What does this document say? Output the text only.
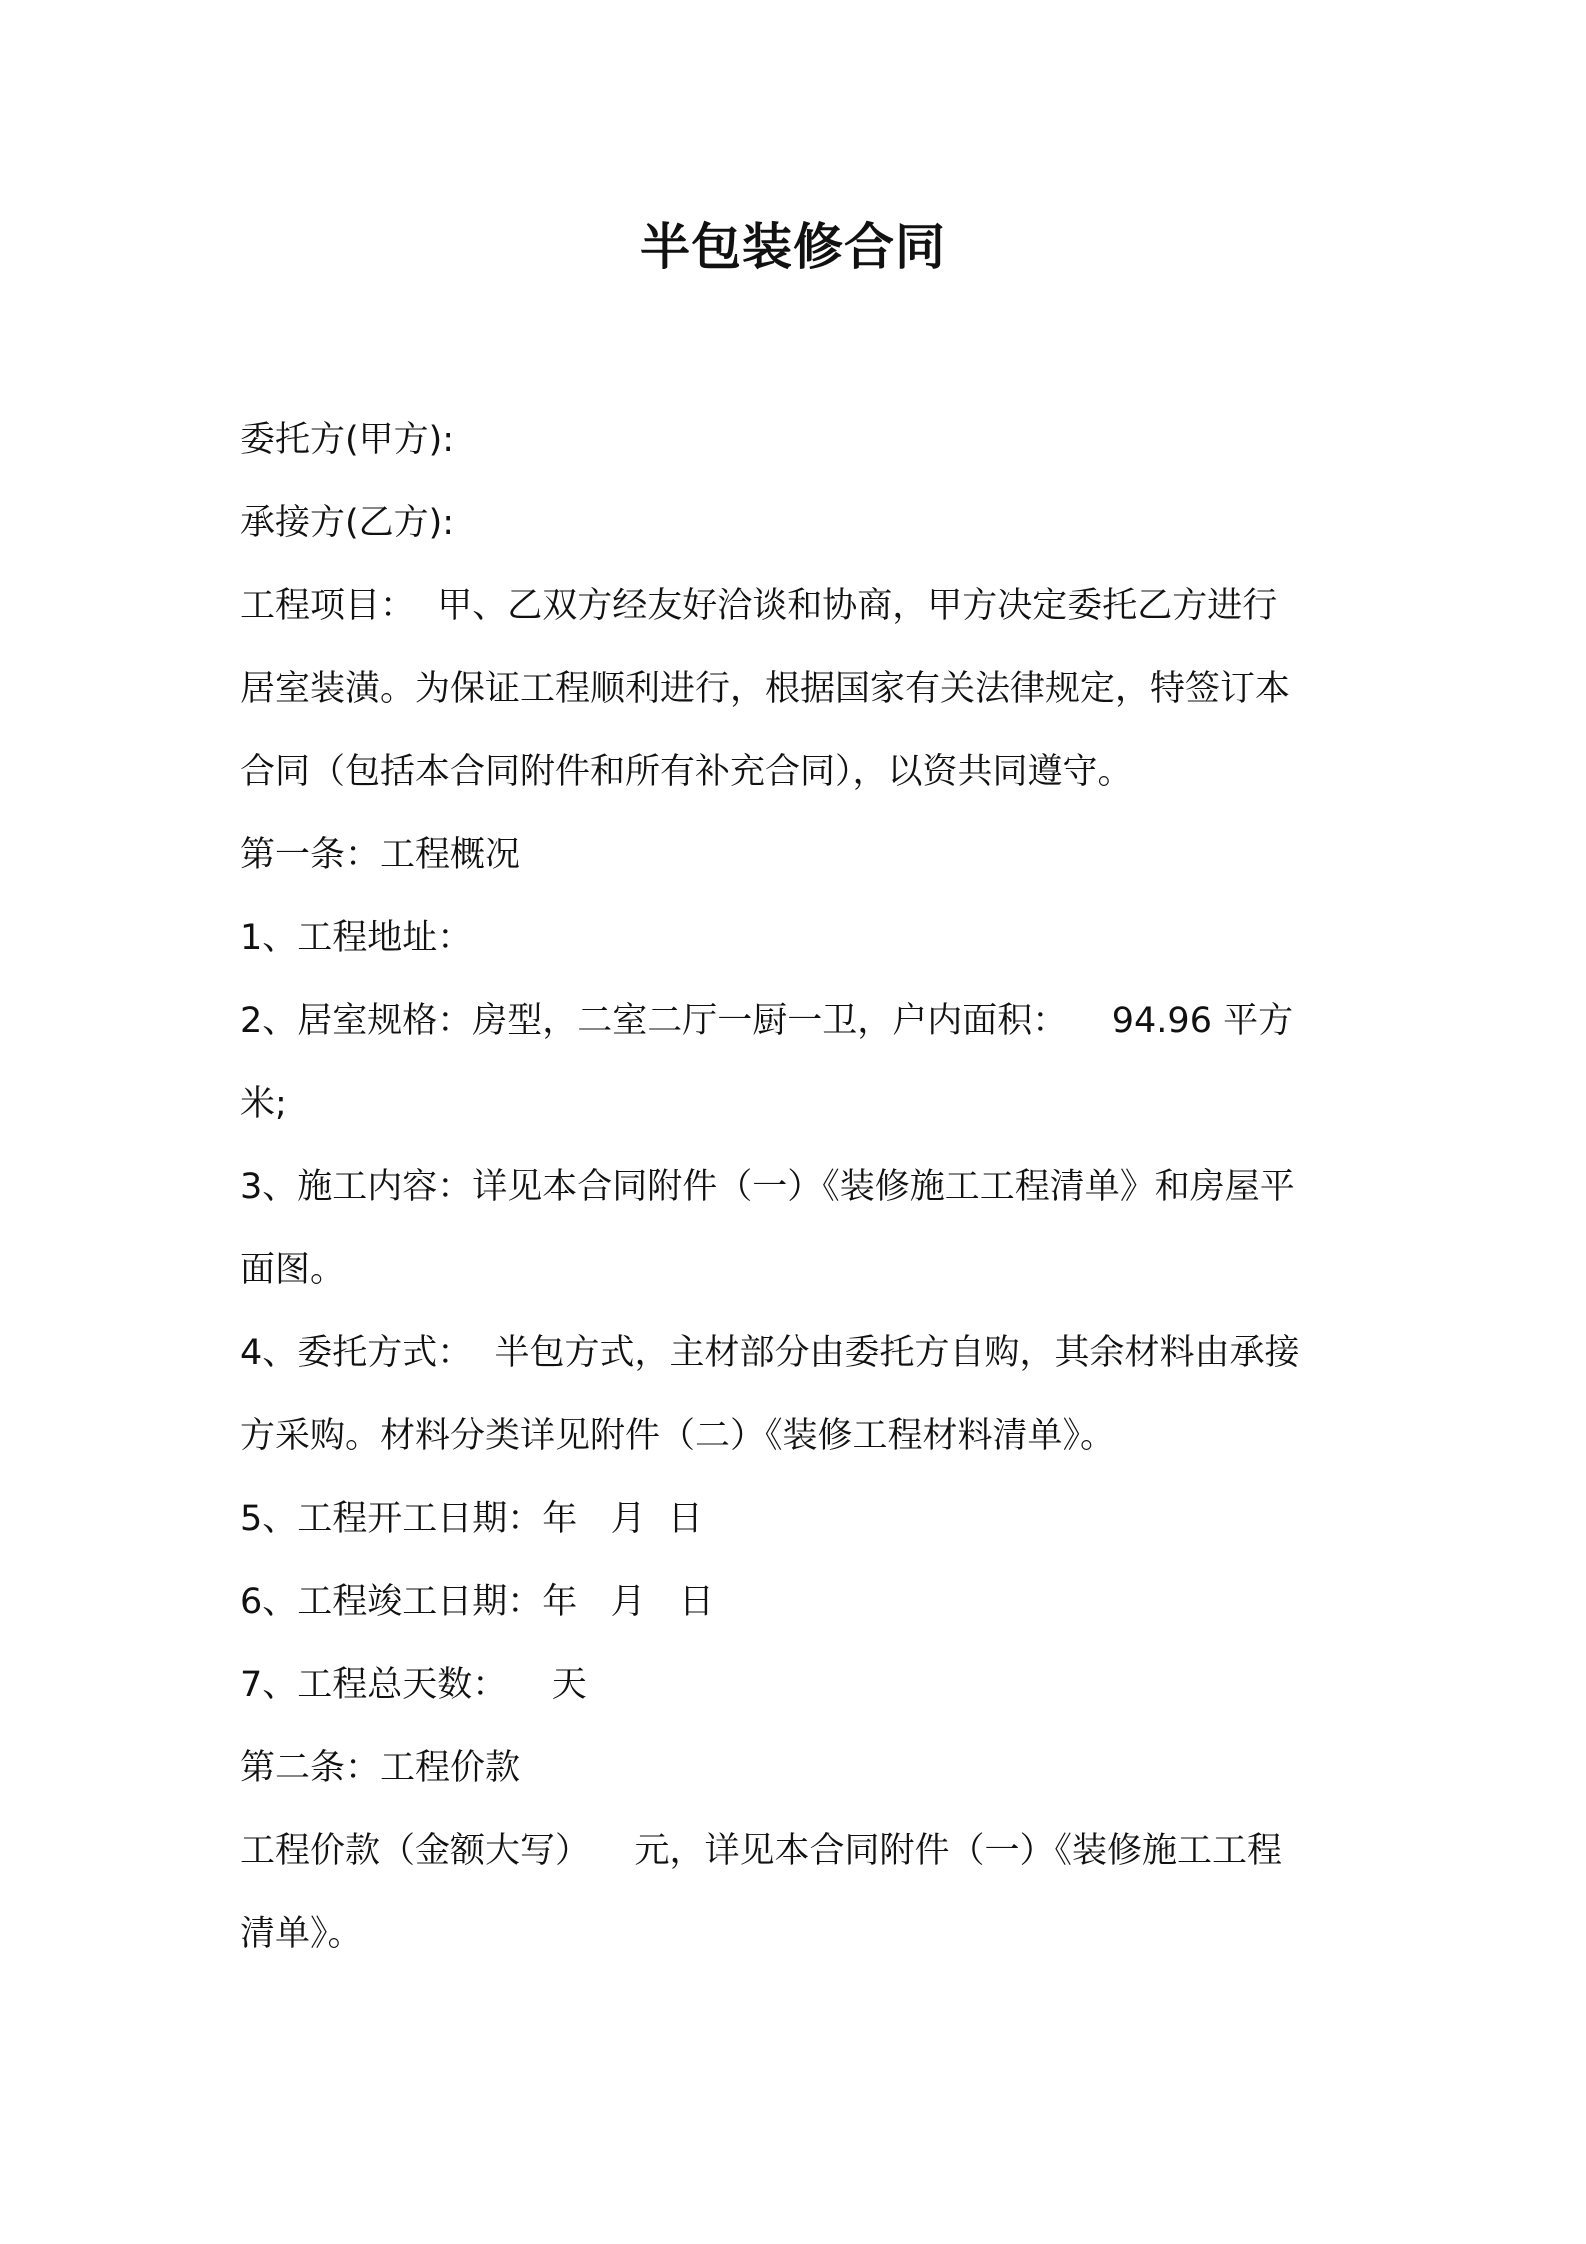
半包装修合同
委托方(甲方):
承接方(乙方):
工程项目：  甲、乙双方经友好洽谈和协商，甲方决定委托乙方进行
居室装潢。为保证工程顺利进行，根据国家有关法律规定，特签订本
合同（包括本合同附件和所有补充合同），以资共同遵守。
第一条：工程概况
1、工程地址：
2、居室规格：房型，二室二厅一厨一卫，户内面积：    94.96 平方
米;
3、施工内容：详见本合同附件（一）《装修施工工程清单》和房屋平
面图。
4、委托方式：  半包方式，主材部分由委托方自购，其余材料由承接
方采购。材料分类详见附件（二）《装修工程材料清单》。
5、工程开工日期：年   月  日
6、工程竣工日期：年   月   日
7、工程总天数：    天
第二条：工程价款
工程价款（金额大写）    元，详见本合同附件（一）《装修施工工程
清单》。
